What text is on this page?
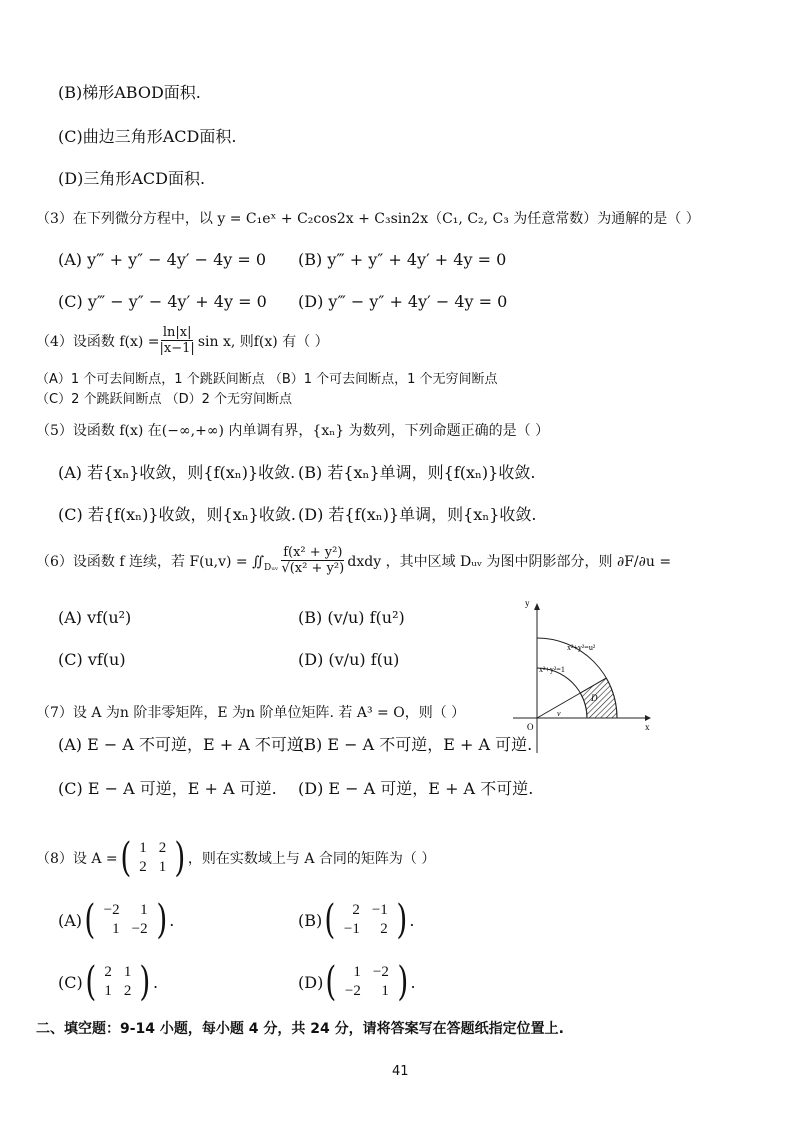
(B)梯形ABOD面积.
(C)曲边三角形ACD面积.
(D)三角形ACD面积.
（3）在下列微分方程中，以 y = C₁eˣ + C₂cos2x + C₃sin2x（C₁, C₂, C₃ 为任意常数）为通解的是（ ）
(A) y‴ + y″ − 4y′ − 4y = 0 (B) y‴ + y″ + 4y′ + 4y = 0
(C) y‴ − y″ − 4y′ + 4y = 0 (D) y‴ − y″ + 4y′ − 4y = 0
（4）设函数 $f(x) = \frac{\ln|x|}{|x-1|}$ sin x, 则f(x) 有（ ）
（A）1 个可去间断点，1 个跳跃间断点 （B）1 个可去间断点，1 个无穷间断点
（C）2 个跳跃间断点 （D）2 个无穷间断点
（5）设函数 f(x) 在(−∞,+∞) 内单调有界，{xₙ} 为数列，下列命题正确的是（ ）
(A) 若{xₙ}收敛，则{f(xₙ)}收敛. (B) 若{xₙ}单调，则{f(xₙ)}收敛.
(C) 若{f(xₙ)}收敛，则{xₙ}收敛. (D) 若{f(xₙ)}单调，则{xₙ}收敛.
（6）设函数 f 连续，若 $F(u,v) = ∬_{Dᵤᵥ} \frac{\text{f(x² + y²)}}{\text{√(x² + y²)}}$ dxdy ，其中区域 Dᵤᵥ 为图中阴影部分，则 ∂F/∂u =
(A) vf(u²)	(B) (v/u) f(u²)
(C) vf(u)	(D) (v/u) f(u)
y
x
O
x²+y²=u²
x²+y²=1
D
v
（7）设 A 为n 阶非零矩阵，E 为n 阶单位矩阵. 若 A³ = O，则（ ）
(A) E − A 不可逆，E + A 不可逆.
(B) E − A 不可逆，E + A 可逆.
(C) E − A 可逆，E + A 可逆. (D) E − A 可逆，E + A 不可逆.
（8）设 A = ( 1	2
2	1 ) ，则在实数域上与 A 合同的矩阵为（ ）
(A) ( −2	1
1	−2 ) .	(B) ( 2	−1
−1	2 ) .
(C) ( 2	1
1	2 ) .	(D) ( 1	−2
−2	1 ) .
二、填空题：9-14 小题，每小题 4 分，共 24 分，请将答案写在答题纸指定位置上.
41
